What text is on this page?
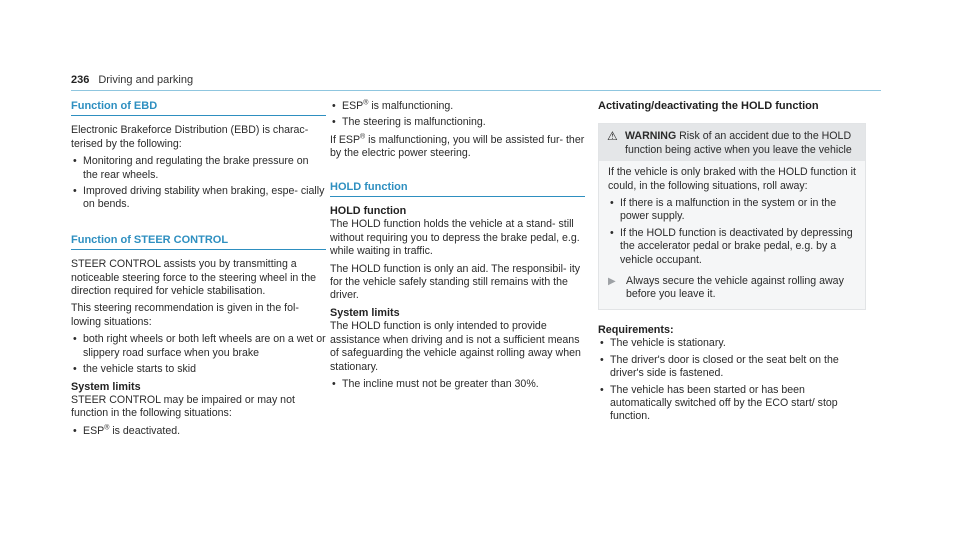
236 Driving and parking
Function of EBD

Electronic Brakeforce Distribution (EBD) is charac- terised by the following:

• Monitoring and regulating the brake pressure on the rear wheels.
• Improved driving stability when braking, espe- cially on bends.
Function of STEER CONTROL

STEER CONTROL assists you by transmitting a noticeable steering force to the steering wheel in the direction required for vehicle stabilisation.

This steering recommendation is given in the fol- lowing situations:

• both right wheels or both left wheels are on a wet or slippery road surface when you brake
• the vehicle starts to skid
System limits

STEER CONTROL may be impaired or may not function in the following situations:

• ESP® is deactivated.
• ESP® is malfunctioning.
• The steering is malfunctioning.

If ESP® is malfunctioning, you will be assisted fur- ther by the electric power steering.

HOLD function
HOLD function

The HOLD function holds the vehicle at a stand- still without requiring you to depress the brake pedal, e.g. while waiting in traffic.

The HOLD function is only an aid. The responsibil- ity for the vehicle safely standing still remains with the driver.

System limits

The HOLD function is only intended to provide assistance when driving and is not a sufficient means of safeguarding the vehicle against rolling away when stationary.

• The incline must not be greater than 30%.
Activating/deactivating the HOLD function
⚠ WARNING Risk of an accident due to the HOLD function being active when you leave the vehicle

If the vehicle is only braked with the HOLD function it could, in the following situations, roll away:

• If there is a malfunction in the system or in the power supply.
• If the HOLD function is deactivated by depressing the accelerator pedal or brake pedal, e.g. by a vehicle occupant.
▶ Always secure the vehicle against rolling away before you leave it.
Requirements:
• The vehicle is stationary.
• The driver's door is closed or the seat belt on the driver's side is fastened.
• The vehicle has been started or has been automatically switched off by the ECO start/ stop function.
